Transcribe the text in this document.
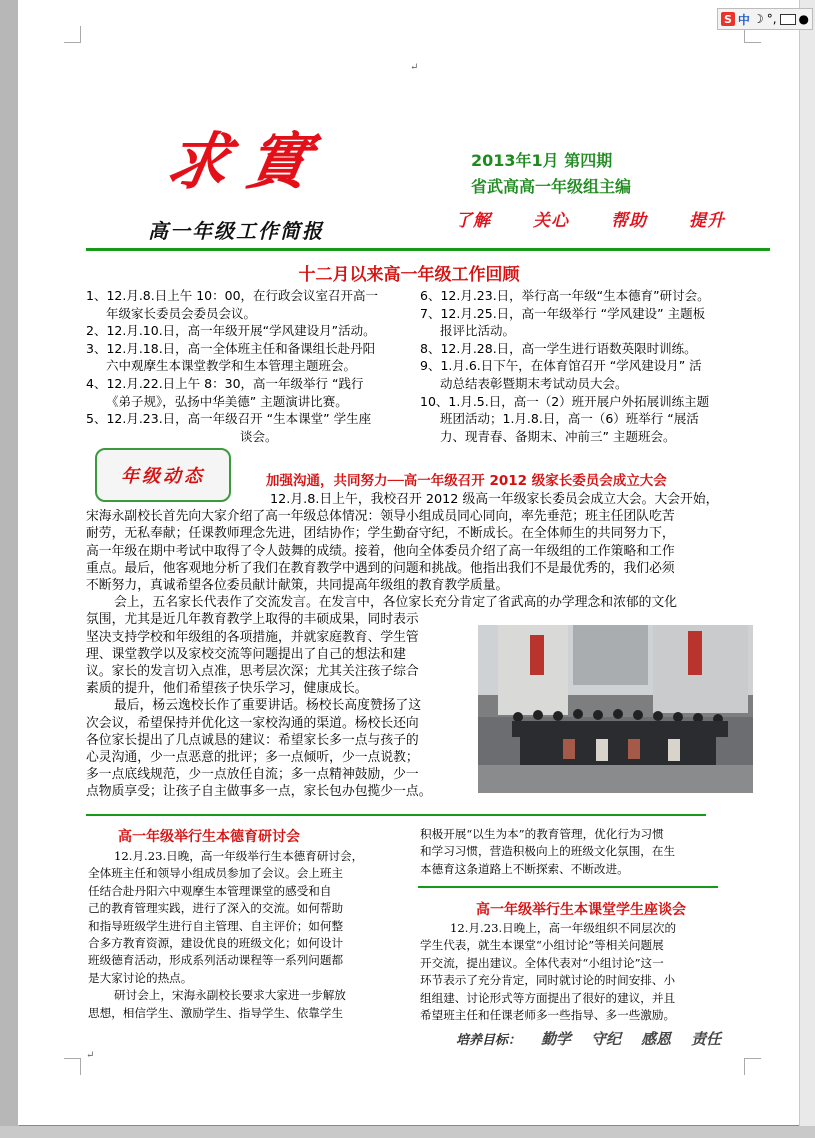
↵
求實
高一年级工作简报
2013年1月 第四期
省武高高一年级组主编
了解 关心 帮助 提升
十二月以来高一年级工作回顾
1、12.月.8.日上午 10：00，在行政会议室召开高一
年级家长委员会委员会议。
2、12.月.10.日，高一年级开展“学风建设月”活动。
3、12.月.18.日，高一全体班主任和备课组长赴丹阳
六中观摩生本课堂教学和生本管理主题班会。
4、12.月.22.日上午 8：30，高一年级举行 “践行
《弟子规》，弘扬中华美德” 主题演讲比赛。
5、12.月.23.日，高一年级召开 “生本课堂” 学生座
谈会。
6、12.月.23.日，举行高一年级“生本德育”研讨会。
7、12.月.25.日，高一年级举行 “学风建设” 主题板
报评比活动。
8、12.月.28.日，高一学生进行语数英限时训练。
9、1.月.6.日下午，在体育馆召开 “学风建设月” 活
动总结表彰暨期末考试动员大会。
10、1.月.5.日，高一（2）班开展户外拓展训练主题
班团活动；1.月.8.日，高一（6）班举行 “展活
力、现青春、备期末、冲前三” 主题班会。
年级动态	加强沟通，共同努力──高一年级召开 2012 级家长委员会成立大会
12.月.8.日上午，我校召开 2012 级高一年级家长委员会成立大会。大会开始，
宋海永副校长首先向大家介绍了高一年级总体情况：领导小组成员同心同向，率先垂范；班主任团队吃苦
耐劳，无私奉献；任课教师理念先进，团结协作；学生勤奋守纪，不断成长。在全体师生的共同努力下，
高一年级在期中考试中取得了令人鼓舞的成绩。接着，他向全体委员介绍了高一年级组的工作策略和工作
重点。最后，他客观地分析了我们在教育教学中遇到的问题和挑战。他指出我们不是最优秀的，我们必须
不断努力，真诚希望各位委员献计献策，共同提高年级组的教育教学质量。
会上，五名家长代表作了交流发言。在发言中，各位家长充分肯定了省武高的办学理念和浓郁的文化
氛围，尤其是近几年教育教学上取得的丰硕成果，同时表示
坚决支持学校和年级组的各项措施，并就家庭教育、学生管
理、课堂教学以及家校交流等问题提出了自己的想法和建
议。家长的发言切入点准，思考层次深；尤其关注孩子综合
素质的提升，他们希望孩子快乐学习，健康成长。
最后，杨云逸校长作了重要讲话。杨校长高度赞扬了这
次会议，希望保持并优化这一家校沟通的渠道。杨校长还向
各位家长提出了几点诚恳的建议：希望家长多一点与孩子的
心灵沟通，少一点恶意的批评；多一点倾听，少一点说教；
多一点底线规范，少一点放任自流；多一点精神鼓励，少一
点物质享受；让孩子自主做事多一点，家长包办包揽少一点。
高一年级举行生本德育研讨会
12.月.23.日晚，高一年级举行生本德育研讨会，
全体班主任和领导小组成员参加了会议。会上班主
任结合赴丹阳六中观摩生本管理课堂的感受和自
己的教育管理实践，进行了深入的交流。如何帮助
和指导班级学生进行自主管理、自主评价；如何整
合多方教育资源，建设优良的班级文化；如何设计
班级德育活动，形成系列活动课程等一系列问题都
是大家讨论的热点。
研讨会上，宋海永副校长要求大家进一步解放
思想，相信学生、激励学生、指导学生、依靠学生
积极开展“以生为本”的教育管理，优化行为习惯
和学习习惯，营造积极向上的班级文化氛围，在生
本德育这条道路上不断探索、不断改进。
高一年级举行生本课堂学生座谈会
12.月.23.日晚上，高一年级组织不同层次的
学生代表，就生本课堂“小组讨论”等相关问题展
开交流，提出建议。全体代表对“小组讨论”这一
环节表示了充分肯定，同时就讨论的时间安排、小
组组建、讨论形式等方面提出了很好的建议，并且
希望班主任和任课老师多一些指导、多一些激励。
培养目标： 勤学 守纪 感恩 责任
↵
S 中 ☽ °, ●
